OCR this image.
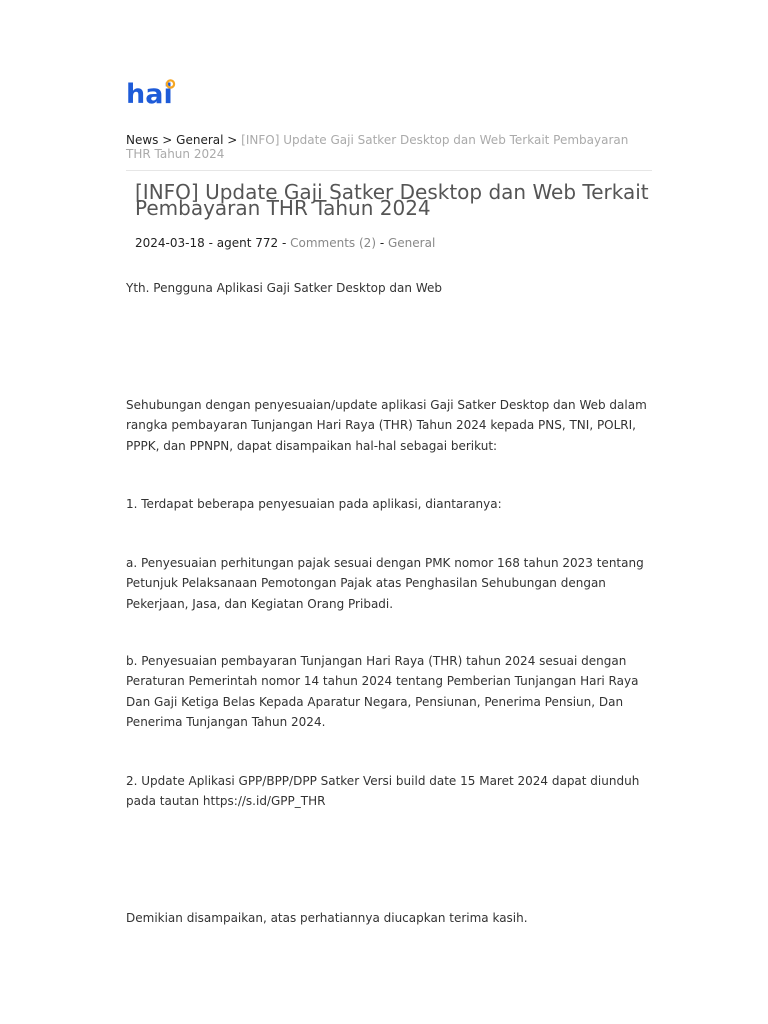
hai
News > General > [INFO] Update Gaji Satker Desktop dan Web Terkait Pembayaran THR Tahun 2024
[INFO] Update Gaji Satker Desktop dan Web Terkait Pembayaran THR Tahun 2024
2024-03-18 - agent 772 - Comments (2) - General

Yth. Pengguna Aplikasi Gaji Satker Desktop dan Web

Sehubungan dengan penyesuaian/update aplikasi Gaji Satker Desktop dan Web dalam rangka pembayaran Tunjangan Hari Raya (THR) Tahun 2024 kepada PNS, TNI, POLRI, PPPK, dan PPNPN, dapat disampaikan hal-hal sebagai berikut:

1. Terdapat beberapa penyesuaian pada aplikasi, diantaranya:

a. Penyesuaian perhitungan pajak sesuai dengan PMK nomor 168 tahun 2023 tentang Petunjuk Pelaksanaan Pemotongan Pajak atas Penghasilan Sehubungan dengan Pekerjaan, Jasa, dan Kegiatan Orang Pribadi.

b. Penyesuaian pembayaran Tunjangan Hari Raya (THR) tahun 2024 sesuai dengan Peraturan Pemerintah nomor 14 tahun 2024 tentang Pemberian Tunjangan Hari Raya Dan Gaji Ketiga Belas Kepada Aparatur Negara, Pensiunan, Penerima Pensiun, Dan Penerima Tunjangan Tahun 2024.

2. Update Aplikasi GPP/BPP/DPP Satker Versi build date 15 Maret 2024 dapat diunduh pada tautan https://s.id/GPP_THR

Demikian disampaikan, atas perhatiannya diucapkan terima kasih.
